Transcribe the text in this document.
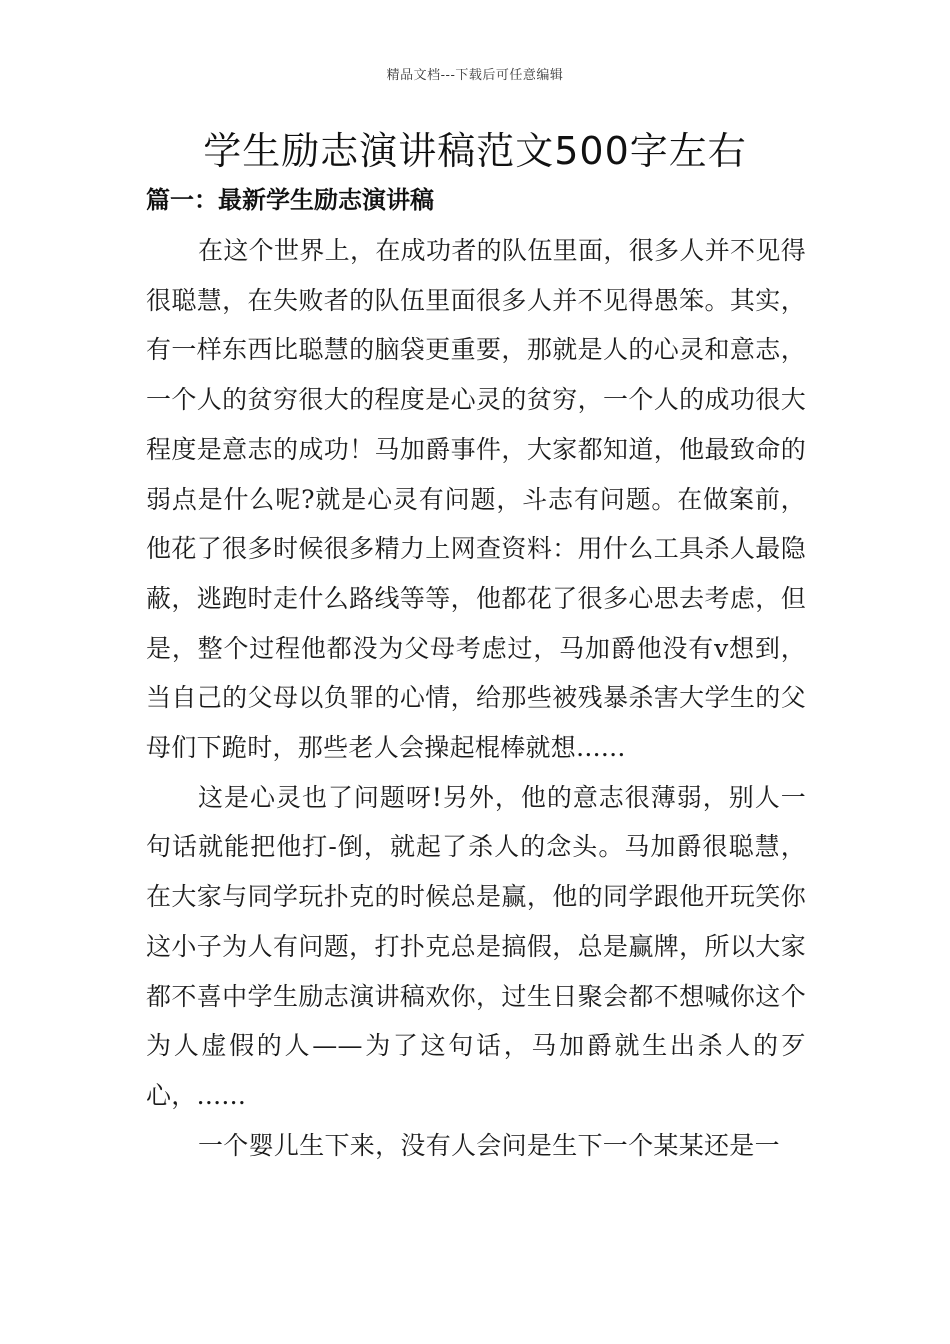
精品文档---下载后可任意编辑
学生励志演讲稿范文500字左右
篇一：最新学生励志演讲稿

在这个世界上，在成功者的队伍里面，很多人并不见得很聪慧，在失败者的队伍里面很多人并不见得愚笨。其实，有一样东西比聪慧的脑袋更重要，那就是人的心灵和意志，一个人的贫穷很大的程度是心灵的贫穷，一个人的成功很大程度是意志的成功！马加爵事件，大家都知道，他最致命的弱点是什么呢?就是心灵有问题，斗志有问题。在做案前，他花了很多时候很多精力上网查资料：用什么工具杀人最隐蔽，逃跑时走什么路线等等，他都花了很多心思去考虑，但是，整个过程他都没为父母考虑过，马加爵他没有v想到，当自己的父母以负罪的心情，给那些被残暴杀害大学生的父母们下跪时，那些老人会操起棍棒就想......

这是心灵也了问题呀!另外，他的意志很薄弱，别人一句话就能把他打-倒，就起了杀人的念头。马加爵很聪慧，在大家与同学玩扑克的时候总是赢，他的同学跟他开玩笑你这小子为人有问题，打扑克总是搞假，总是赢牌，所以大家都不喜中学生励志演讲稿欢你，过生日聚会都不想喊你这个为人虚假的人——为了这句话，马加爵就生出杀人的歹心，......

一个婴儿生下来，没有人会问是生下一个某某还是一
